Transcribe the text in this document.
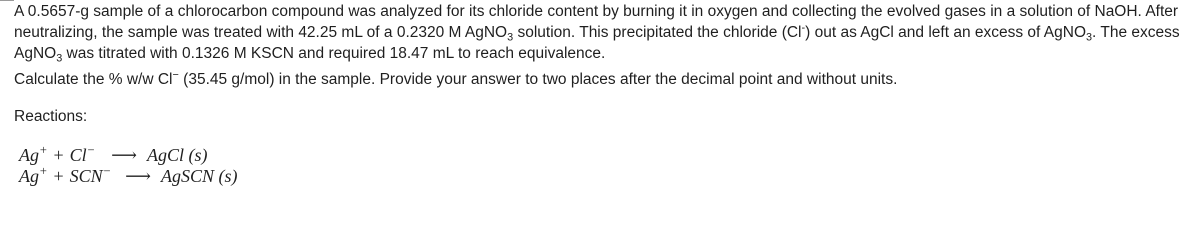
A 0.5657-g sample of a chlorocarbon compound was analyzed for its chloride content by burning it in oxygen and collecting the evolved gases in a solution of NaOH. After neutralizing, the sample was treated with 42.25 mL of a 0.2320 M AgNO$_3$ solution. This precipitated the chloride (Cl-) out as AgCl and left an excess of AgNO$_3$. The excess AgNO$_3$ was titrated with 0.1326 M KSCN and required 18.47 mL to reach equivalence.

Calculate the % w/w Cl− (35.45 g/mol) in the sample. Provide your answer to two places after the decimal point and without units.

Reactions:

Ag+ + Cl− ⟶ AgCl (s)
Ag+ + SCN− ⟶ AgSCN (s)
